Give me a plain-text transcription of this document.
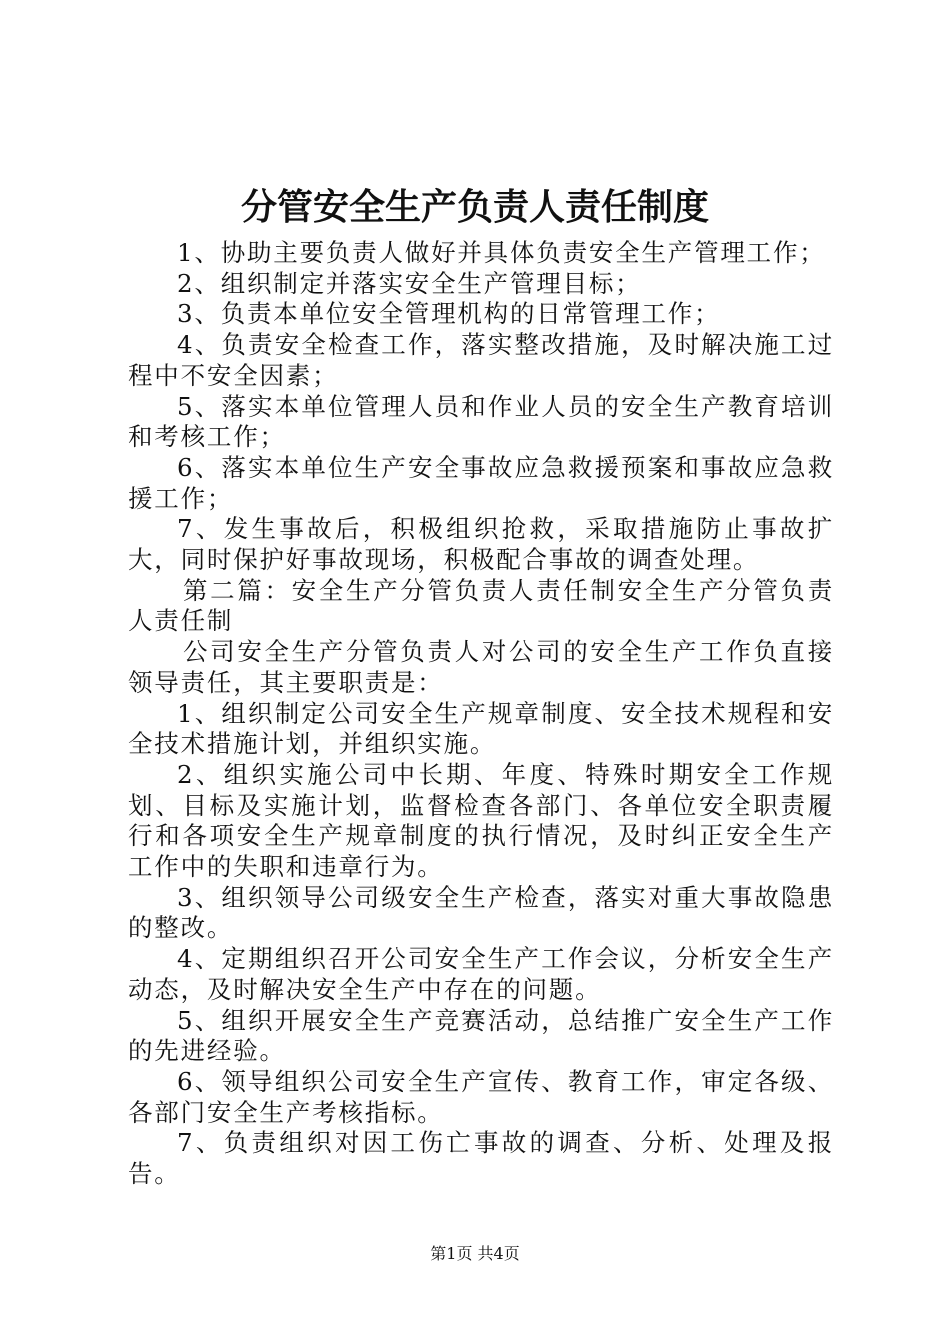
分管安全生产负责人责任制度

1、协助主要负责人做好并具体负责安全生产管理工作；

2、组织制定并落实安全生产管理目标；

3、负责本单位安全管理机构的日常管理工作；

4、负责安全检查工作，落实整改措施，及时解决施工过程中不安全因素；

5、落实本单位管理人员和作业人员的安全生产教育培训和考核工作；

6、落实本单位生产安全事故应急救援预案和事故应急救援工作；

7、发生事故后，积极组织抢救，采取措施防止事故扩大，同时保护好事故现场，积极配合事故的调查处理。

第二篇：安全生产分管负责人责任制安全生产分管负责人责任制

公司安全生产分管负责人对公司的安全生产工作负直接领导责任，其主要职责是：

1、组织制定公司安全生产规章制度、安全技术规程和安全技术措施计划，并组织实施。

2、组织实施公司中长期、年度、特殊时期安全工作规划、目标及实施计划，监督检查各部门、各单位安全职责履行和各项安全生产规章制度的执行情况，及时纠正安全生产工作中的失职和违章行为。

3、组织领导公司级安全生产检查，落实对重大事故隐患的整改。

4、定期组织召开公司安全生产工作会议，分析安全生产动态，及时解决安全生产中存在的问题。

5、组织开展安全生产竞赛活动，总结推广安全生产工作的先进经验。

6、领导组织公司安全生产宣传、教育工作，审定各级、各部门安全生产考核指标。

7、负责组织对因工伤亡事故的调查、分析、处理及报告。

第1页 共4页
